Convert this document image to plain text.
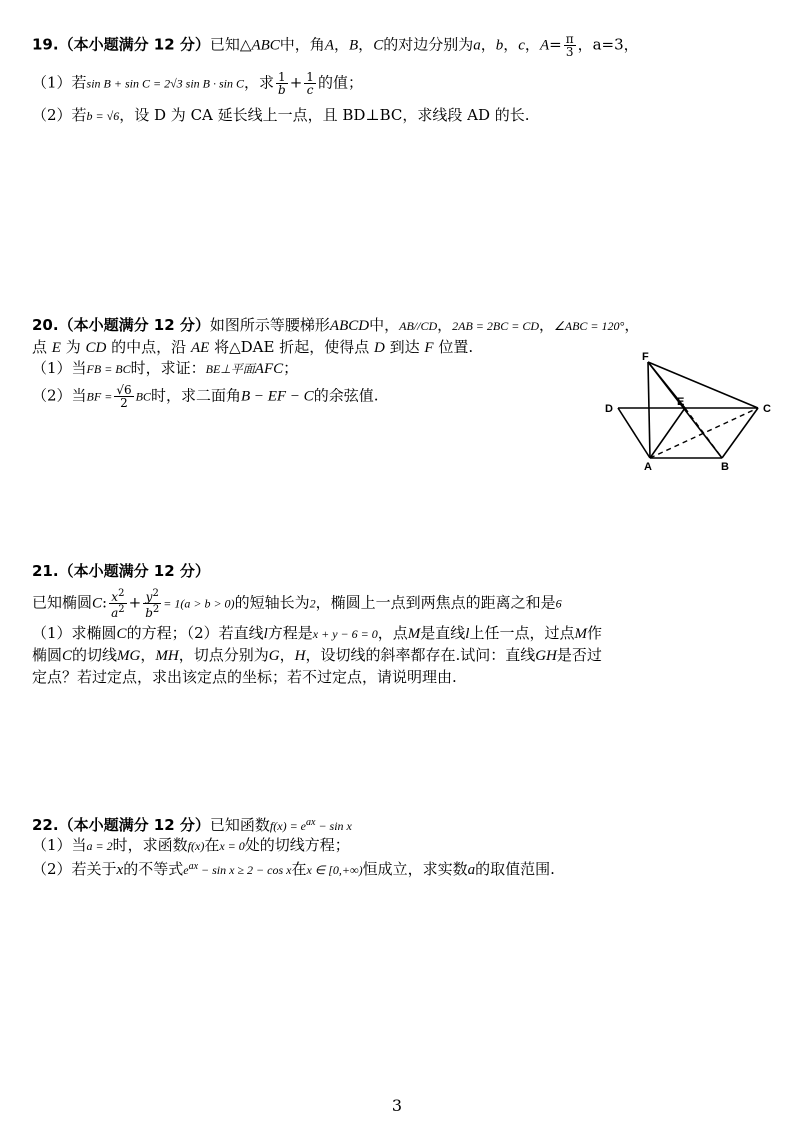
19.（本小题满分 12 分）已知△ABC中，角A，B，C的对边分别为a，b，c，$A= \frac{\pi}{3}$ ，a=3，
（1）若sin B + sin C = 2√3 sin B · sin C，求 $\frac{1}{b} + \frac{1}{c}$ 的值；
（2）若b = √6，设 D 为 CA 延长线上一点，且 BD⊥BC，求线段 AD 的长.
20.（本小题满分 12 分）如图所示等腰梯形ABCD中，AB//CD，2AB = 2BC = CD，∠ABC = 120°，
点 E 为 CD 的中点，沿 AE 将△DAE 折起，使得点 D 到达 F 位置.
（1）当FB = BC时，求证：BE⊥平面AFC；
（2）当BF = $\frac{√6}{2}$ BC时，求二面角B − EF − C的余弦值.
F
D
E
C
A	B
21.（本小题满分 12 分）
已知椭圆C: $\frac{x^2}{a^2} + \frac{y^2}{b^2} = 1(a > b > 0)$的短轴长为2，椭圆上一点到两焦点的距离之和是6
（1）求椭圆C的方程；（2）若直线l方程是x + y − 6 = 0，点M是直线l上任一点，过点M作
椭圆C的切线MG，MH，切点分别为G，H，设切线的斜率都存在.试问：直线GH是否过
定点？若过定点，求出该定点的坐标；若不过定点，请说明理由.
22.（本小题满分 12 分）已知函数$f(x) = e^{ax} - \sin x$
（1）当a = 2时，求函数f(x)在x = 0处的切线方程；
（2）若关于x的不等式$e^{ax} - \sin x \ge 2 - \cos x$在x ∈ [0,+∞)恒成立，求实数a的取值范围.
3
